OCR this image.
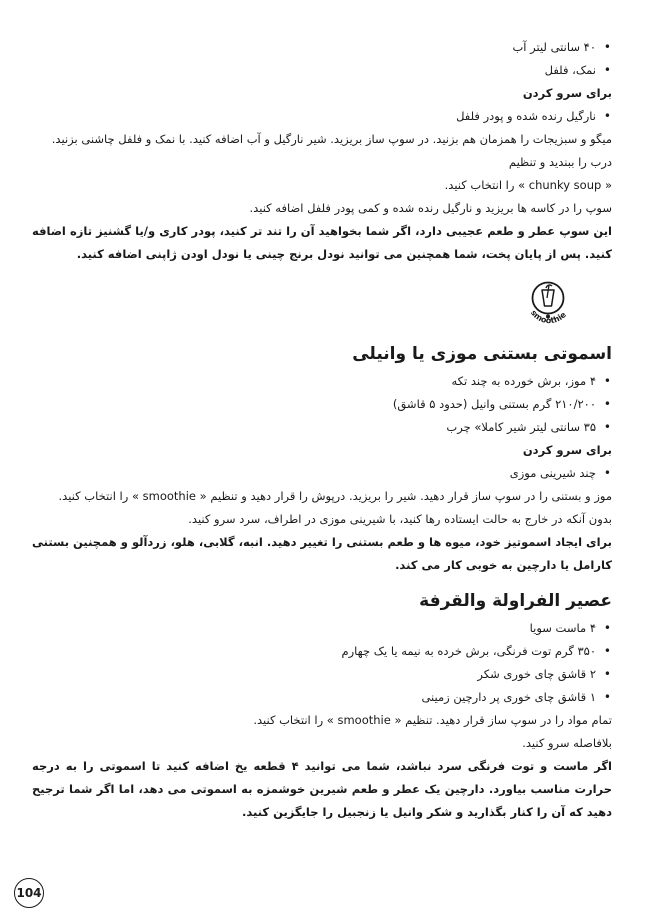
• ۴۰ سانتی لیتر آب

• نمک، فلفل

برای سرو کردن

• نارگیل رنده شده و پودر فلفل

میگو و سبزیجات را همزمان هم بزنید. در سوپ ساز بریزید. شیر نارگیل و آب اضافه کنید. با نمک و فلفل چاشنی بزنید.

درب را ببندید و تنظیم

« chunky soup » را انتخاب کنید.

سوپ را در کاسه ها بریزید و نارگیل رنده شده و کمی پودر فلفل اضافه کنید.

این سوپ عطر و طعم عجیبی دارد، اگر شما بخواهید آن را تند تر کنید، پودر کاری و/یا گشنیز تازه اضافه کنید. پس از پایان پخت، شما همچنین می توانید نودل برنج چینی یا نودل اودن ژاپنی اضافه کنید.

smoothie
اسموتی بستنی موزی یا وانیلی

• ۴ موز، برش خورده به چند تکه

• ۲۱۰/۲۰۰ گرم بستنی وانیل (حدود ۵ قاشق)

• ۳۵ سانتی لیتر شیر کاملا» چرب

برای سرو کردن

• چند شیرینی موزی

موز و بستنی را در سوپ ساز قرار دهید. شیر را بریزید. درپوش را قرار دهید و تنظیم « smoothie » را انتخاب کنید.

بدون آنکه در خارج به حالت ایستاده رها کنید، با شیرینی موزی در اطراف، سرد سرو کنید.

برای ایجاد اسموتیز خود، میوه ها و طعم بستنی را تغییر دهید. انبه، گلابی، هلو، زردآلو و همچنین بستنی کارامل یا دارچین به خوبی کار می کند.

عصير الفراولة والقرفة

• ۴ ماست سویا

• ۳۵۰ گرم توت فرنگی، برش خرده به نیمه یا یک چهارم

• ۲ قاشق چای خوری شکر

• ۱ قاشق چای خوری پر دارچین زمینی

تمام مواد را در سوپ ساز قرار دهید. تنظیم « smoothie » را انتخاب کنید.

بلافاصله سرو کنید.

اگر ماست و توت فرنگی سرد نباشد، شما می توانید ۴ قطعه یخ اضافه کنید تا اسموتی را به درجه حرارت مناسب بیاورد. دارچین یک عطر و طعم شیرین خوشمزه به اسموتی می دهد، اما اگر شما ترجیح دهید که آن را کنار بگذارید و شکر وانیل یا زنجبیل را جایگزین کنید.

104
